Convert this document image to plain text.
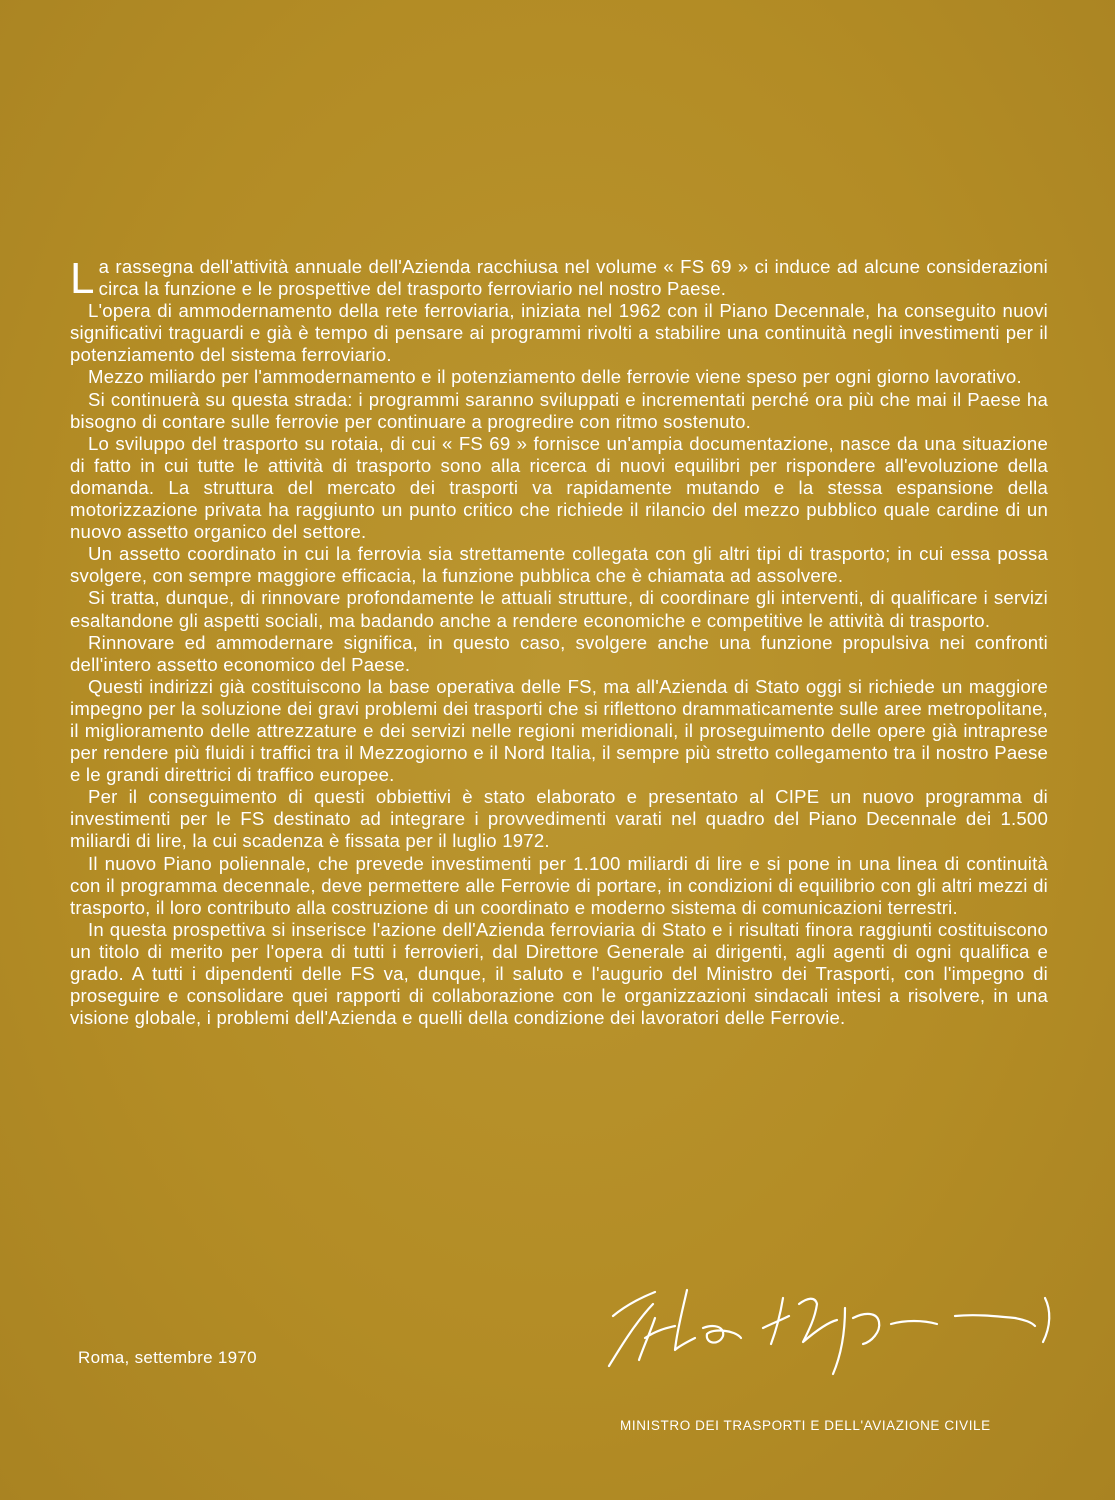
La rassegna dell'attività annuale dell'Azienda racchiusa nel volume « FS 69 » ci induce ad alcune considerazioni circa la funzione e le prospettive del trasporto ferroviario nel nostro Paese.

L'opera di ammodernamento della rete ferroviaria, iniziata nel 1962 con il Piano Decennale, ha conseguito nuovi significativi traguardi e già è tempo di pensare ai programmi rivolti a stabilire una continuità negli investimenti per il potenziamento del sistema ferroviario.

Mezzo miliardo per l'ammodernamento e il potenziamento delle ferrovie viene speso per ogni giorno lavorativo.

Si continuerà su questa strada: i programmi saranno sviluppati e incrementati perché ora più che mai il Paese ha bisogno di contare sulle ferrovie per continuare a progredire con ritmo sostenuto.

Lo sviluppo del trasporto su rotaia, di cui « FS 69 » fornisce un'ampia documentazione, nasce da una situazione di fatto in cui tutte le attività di trasporto sono alla ricerca di nuovi equilibri per rispondere all'evoluzione della domanda. La struttura del mercato dei trasporti va rapidamente mutando e la stessa espansione della motorizzazione privata ha raggiunto un punto critico che richiede il rilancio del mezzo pubblico quale cardine di un nuovo assetto organico del settore.

Un assetto coordinato in cui la ferrovia sia strettamente collegata con gli altri tipi di trasporto; in cui essa possa svolgere, con sempre maggiore efficacia, la funzione pubblica che è chiamata ad assolvere.

Si tratta, dunque, di rinnovare profondamente le attuali strutture, di coordinare gli interventi, di qualificare i servizi esaltandone gli aspetti sociali, ma badando anche a rendere economiche e competitive le attività di trasporto.

Rinnovare ed ammodernare significa, in questo caso, svolgere anche una funzione propulsiva nei confronti dell'intero assetto economico del Paese.

Questi indirizzi già costituiscono la base operativa delle FS, ma all'Azienda di Stato oggi si richiede un maggiore impegno per la soluzione dei gravi problemi dei trasporti che si riflettono drammaticamente sulle aree metropolitane, il miglioramento delle attrezzature e dei servizi nelle regioni meridionali, il proseguimento delle opere già intraprese per rendere più fluidi i traffici tra il Mezzogiorno e il Nord Italia, il sempre più stretto collegamento tra il nostro Paese e le grandi direttrici di traffico europee.

Per il conseguimento di questi obbiettivi è stato elaborato e presentato al CIPE un nuovo programma di investimenti per le FS destinato ad integrare i provvedimenti varati nel quadro del Piano Decennale dei 1.500 miliardi di lire, la cui scadenza è fissata per il luglio 1972.

Il nuovo Piano poliennale, che prevede investimenti per 1.100 miliardi di lire e si pone in una linea di continuità con il programma decennale, deve permettere alle Ferrovie di portare, in condizioni di equilibrio con gli altri mezzi di trasporto, il loro contributo alla costruzione di un coordinato e moderno sistema di comunicazioni terrestri.

In questa prospettiva si inserisce l'azione dell'Azienda ferroviaria di Stato e i risultati finora raggiunti costituiscono un titolo di merito per l'opera di tutti i ferrovieri, dal Direttore Generale ai dirigenti, agli agenti di ogni qualifica e grado. A tutti i dipendenti delle FS va, dunque, il saluto e l'augurio del Ministro dei Trasporti, con l'impegno di proseguire e consolidare quei rapporti di collaborazione con le organizzazioni sindacali intesi a risolvere, in una visione globale, i problemi dell'Azienda e quelli della condizione dei lavoratori delle Ferrovie.

Roma, settembre 1970
MINISTRO DEI TRASPORTI E DELL'AVIAZIONE CIVILE
